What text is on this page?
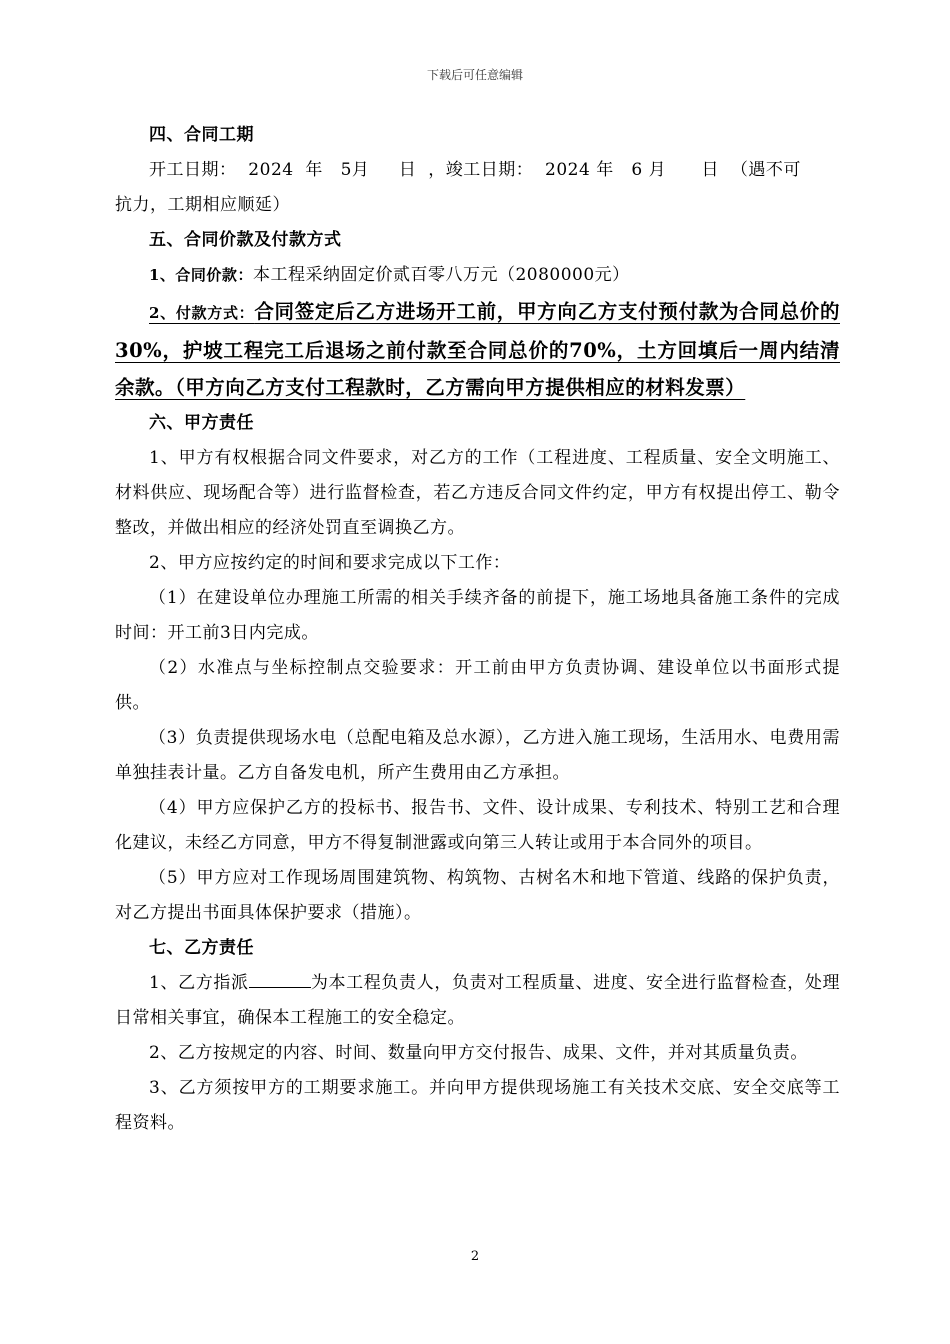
下载后可任意编辑

四、合同工期

开工日期：  2024  年   5月     日  ，竣工日期：  2024 年   6 月      日  （遇不可

抗力，工期相应顺延）

五、合同价款及付款方式

1、合同价款：本工程采纳固定价贰百零八万元（2080000元）

2、付款方式：合同签定后乙方进场开工前，甲方向乙方支付预付款为合同总价的30%，护坡工程完工后退场之前付款至合同总价的70%，土方回填后一周内结清余款。（甲方向乙方支付工程款时，乙方需向甲方提供相应的材料发票）

六、甲方责任

1、甲方有权根据合同文件要求，对乙方的工作（工程进度、工程质量、安全文明施工、材料供应、现场配合等）进行监督检查，若乙方违反合同文件约定，甲方有权提出停工、勒令整改，并做出相应的经济处罚直至调换乙方。

2、甲方应按约定的时间和要求完成以下工作：

（1）在建设单位办理施工所需的相关手续齐备的前提下，施工场地具备施工条件的完成时间：开工前3日内完成。

（2）水准点与坐标控制点交验要求：开工前由甲方负责协调、建设单位以书面形式提供。

（3）负责提供现场水电（总配电箱及总水源），乙方进入施工现场，生活用水、电费用需单独挂表计量。乙方自备发电机，所产生费用由乙方承担。

（4）甲方应保护乙方的投标书、报告书、文件、设计成果、专利技术、特别工艺和合理化建议，未经乙方同意，甲方不得复制泄露或向第三人转让或用于本合同外的项目。

（5）甲方应对工作现场周围建筑物、构筑物、古树名木和地下管道、线路的保护负责，对乙方提出书面具体保护要求（措施）。

七、乙方责任

1、乙方指派	为本工程负责人，负责对工程质量、进度、安全进行监督检查，处理日常相关事宜，确保本工程施工的安全稳定。

2、乙方按规定的内容、时间、数量向甲方交付报告、成果、文件，并对其质量负责。

3、乙方须按甲方的工期要求施工。并向甲方提供现场施工有关技术交底、安全交底等工程资料。

2
